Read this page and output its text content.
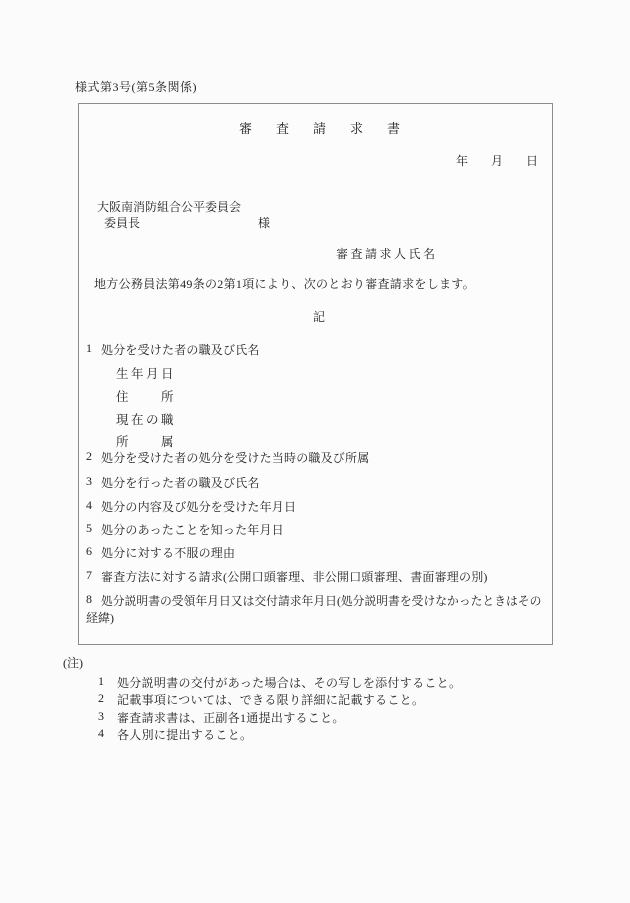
様式第3号(第5条関係)
審査請求書
年 月 日
大阪南消防組合公平委員会
委員長	様
審査請求人氏名
地方公務員法第49条の2第1項により、次のとおり審査請求をします。
記
1 処分を受けた者の職及び氏名
生年月日
住　　所
現在の職
所　　属
2 処分を受けた者の処分を受けた当時の職及び所属
3 処分を行った者の職及び氏名
4 処分の内容及び処分を受けた年月日
5 処分のあったことを知った年月日
6 処分に対する不服の理由
7 審査方法に対する請求(公開口頭審理、非公開口頭審理、書面審理の別)
8 処分説明書の受領年月日又は交付請求年月日(処分説明書を受けなかったときはその
経緯)
(注)
1 処分説明書の交付があった場合は、その写しを添付すること。
2 記載事項については、できる限り詳細に記載すること。
3 審査請求書は、正副各1通提出すること。
4 各人別に提出すること。
